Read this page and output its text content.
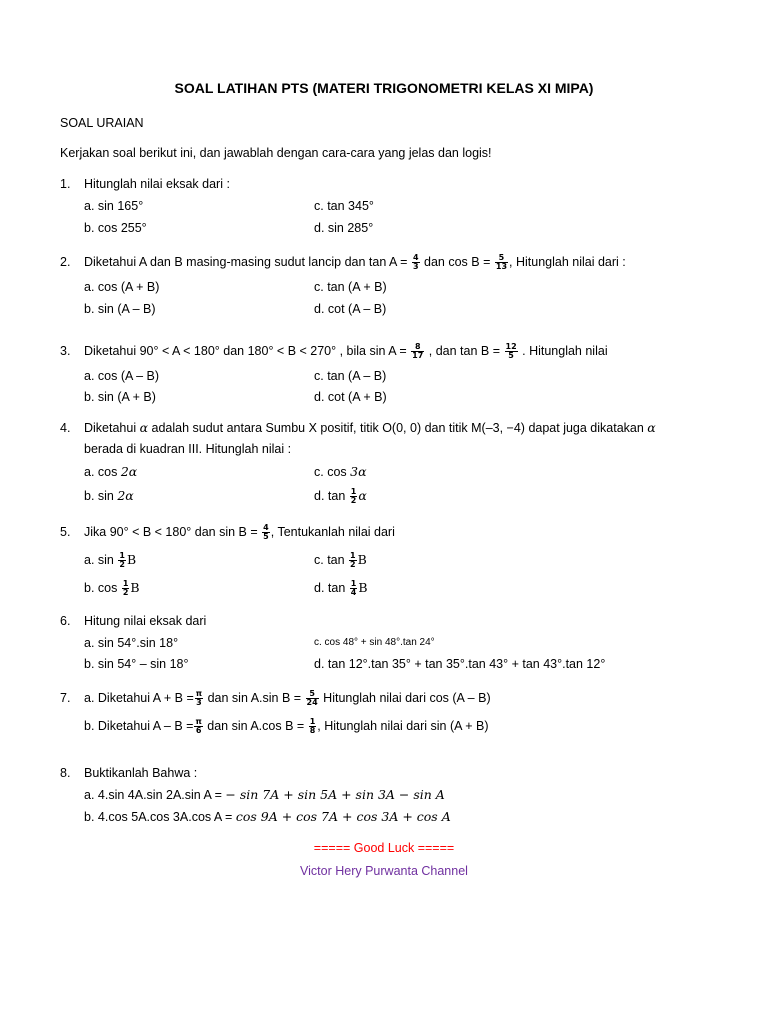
SOAL LATIHAN PTS (MATERI TRIGONOMETRI KELAS XI MIPA)
SOAL URAIAN
Kerjakan soal berikut ini, dan jawablah dengan cara-cara yang jelas dan logis!
1. Hitunglah nilai eksak dari :
a. sin 165°	c. tan 345°
b. cos 255°	d. sin 285°
2. Diketahui A dan B masing-masing sudut lancip dan $\tan A = \frac{4}{3}$ dan $\cos B = \frac{5}{13}$ , Hitunglah nilai dari :
a. cos (A + B)	c. tan (A + B)
b. sin (A – B)	d. cot (A – B)
3. Diketahui 90° < A < 180° dan 180° < B < 270° , bila $\sin A = \frac{8}{17}$ , dan $\tan B = \frac{12}{5}$ . Hitunglah nilai
a. cos (A – B)	c. tan (A – B)
b. sin (A + B)	d. cot (A + B)
4. Diketahui α adalah sudut antara Sumbu X positif, titik O(0, 0) dan titik M(–3, −4) dapat juga dikatakan α
berada di kuadran III. Hitunglah nilai :
a. cos 2α	c. cos 3α
b. sin 2α	d. $\tan \frac{1}{2}$ α
5. Jika 90° < B < 180° dan $\sin B = \frac{4}{5}$ , Tentukanlah nilai dari
a. $\sin \frac{1}{2}$ B	c. $\tan \frac{1}{2}$ B
b. $\cos \frac{1}{2}$ B	d. $\tan \frac{1}{4}$ B
6. Hitung nilai eksak dari
a. sin 54°.sin 18°	c. cos 48° + sin 48°.tan 24°
b. sin 54° – sin 18°	d. tan 12°.tan 35° + tan 35°.tan 43° + tan 43°.tan 12°
7. a. Diketahui $A + B = \frac{\pi}{3}$ dan sin A.sin $B = \frac{5}{24}$ Hitunglah nilai dari cos (A – B)
b. Diketahui $A - B = \frac{\pi}{6}$ dan sin A.cos $B = \frac{1}{8}$ , Hitunglah nilai dari sin (A + B)
8. Buktikanlah Bahwa :
a. 4.sin 4A.sin 2A.sin A = − sin 7A + sin 5A + sin 3A − sin A
b. 4.cos 5A.cos 3A.cos A = cos 9A + cos 7A + cos 3A + cos A
===== Good Luck =====
Victor Hery Purwanta Channel
